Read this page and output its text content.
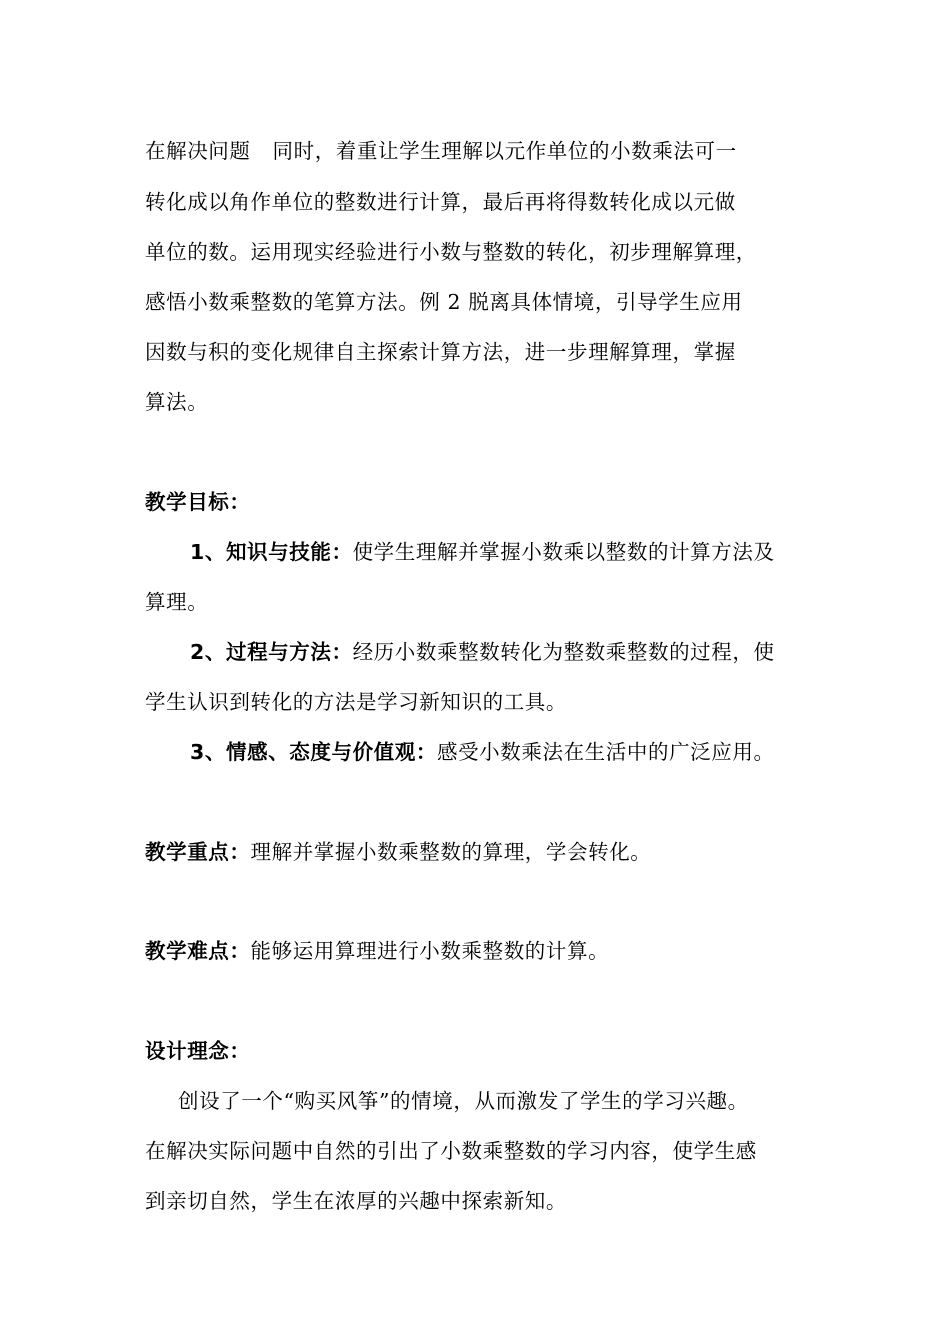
在解决问题 同时，着重让学生理解以元作单位的小数乘法可一
转化成以角作单位的整数进行计算，最后再将得数转化成以元做
单位的数。运用现实经验进行小数与整数的转化，初步理解算理，
感悟小数乘整数的笔算方法。例 2 脱离具体情境，引导学生应用
因数与积的变化规律自主探索计算方法，进一步理解算理，掌握
算法。
教学目标：
1、知识与技能：使学生理解并掌握小数乘以整数的计算方法及
算理。
2、过程与方法：经历小数乘整数转化为整数乘整数的过程，使
学生认识到转化的方法是学习新知识的工具。
3、情感、态度与价值观：感受小数乘法在生活中的广泛应用。
教学重点：理解并掌握小数乘整数的算理，学会转化。
教学难点：能够运用算理进行小数乘整数的计算。
设计理念：
创设了一个“购买风筝”的情境，从而激发了学生的学习兴趣。
在解决实际问题中自然的引出了小数乘整数的学习内容，使学生感
到亲切自然，学生在浓厚的兴趣中探索新知。
